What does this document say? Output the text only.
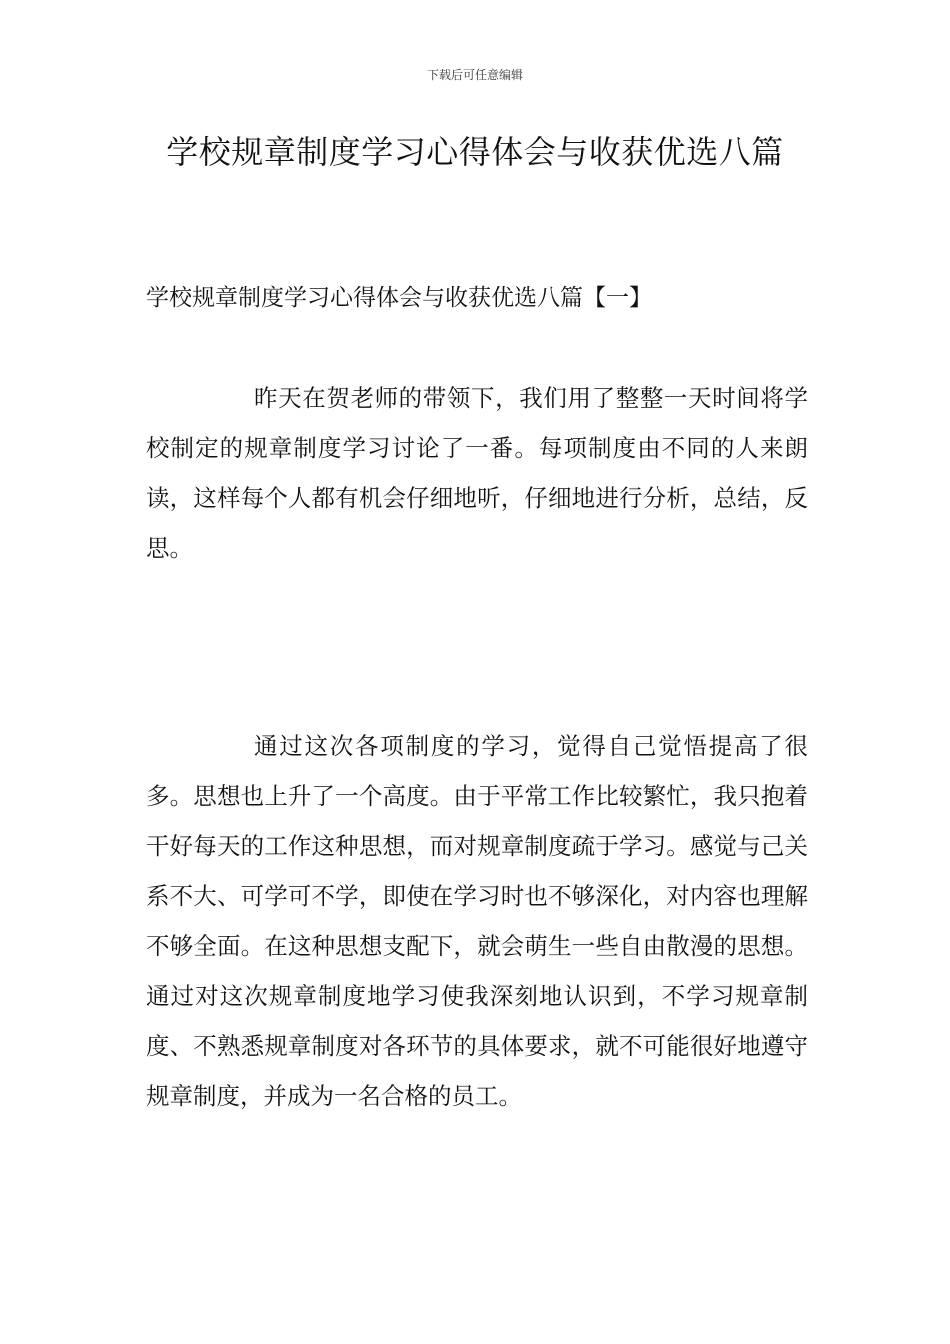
下载后可任意编辑
学校规章制度学习心得体会与收获优选八篇
学校规章制度学习心得体会与收获优选八篇【一】

昨天在贺老师的带领下，我们用了整整一天时间将学校制定的规章制度学习讨论了一番。每项制度由不同的人来朗读，这样每个人都有机会仔细地听，仔细地进行分析，总结，反思。

通过这次各项制度的学习，觉得自己觉悟提高了很多。思想也上升了一个高度。由于平常工作比较繁忙，我只抱着干好每天的工作这种思想，而对规章制度疏于学习。感觉与己关系不大、可学可不学，即使在学习时也不够深化，对内容也理解不够全面。在这种思想支配下，就会萌生一些自由散漫的思想。通过对这次规章制度地学习使我深刻地认识到，不学习规章制度、不熟悉规章制度对各环节的具体要求，就不可能很好地遵守规章制度，并成为一名合格的员工。
